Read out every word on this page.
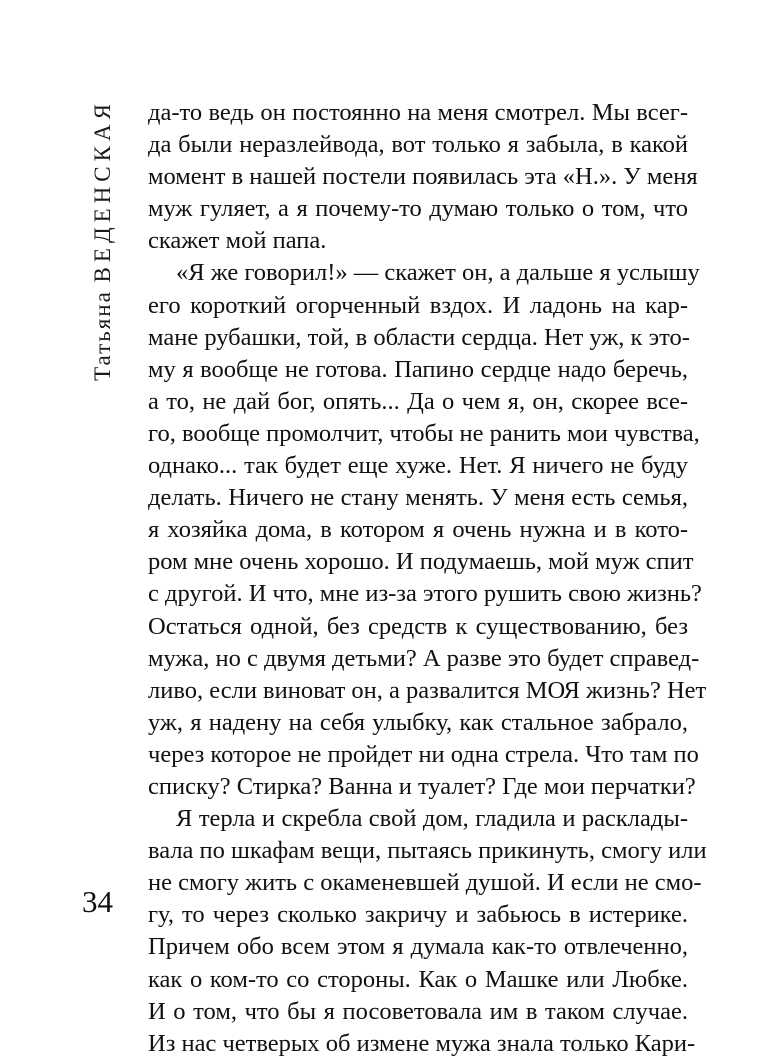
Татьяна ВЕДЕНСКАЯ
34
да-то ведь он постоянно на меня смотрел. Мы всег-
да были неразлейвода, вот только я забыла, в какой
момент в нашей постели появилась эта «Н.». У меня
муж гуляет, а я почему-то думаю только о том, что
скажет мой папа.
«Я же говорил!» — скажет он, а дальше я услышу
его короткий огорченный вздох. И ладонь на кар-
мане рубашки, той, в области сердца. Нет уж, к это-
му я вообще не готова. Папино сердце надо беречь,
а то, не дай бог, опять... Да о чем я, он, скорее все-
го, вообще промолчит, чтобы не ранить мои чувства,
однако... так будет еще хуже. Нет. Я ничего не буду
делать. Ничего не стану менять. У меня есть семья,
я хозяйка дома, в котором я очень нужна и в кото-
ром мне очень хорошо. И подумаешь, мой муж спит
с другой. И что, мне из-за этого рушить свою жизнь?
Остаться одной, без средств к существованию, без
мужа, но с двумя детьми? А разве это будет справед-
ливо, если виноват он, а развалится МОЯ жизнь? Нет
уж, я надену на себя улыбку, как стальное забрало,
через которое не пройдет ни одна стрела. Что там по
списку? Стирка? Ванна и туалет? Где мои перчатки?
Я терла и скребла свой дом, гладила и расклады-
вала по шкафам вещи, пытаясь прикинуть, смогу или
не смогу жить с окаменевшей душой. И если не смо-
гу, то через сколько закричу и забьюсь в истерике.
Причем обо всем этом я думала как-то отвлеченно,
как о ком-то со стороны. Как о Машке или Любке.
И о том, что бы я посоветовала им в таком случае.
Из нас четверых об измене мужа знала только Кари-
